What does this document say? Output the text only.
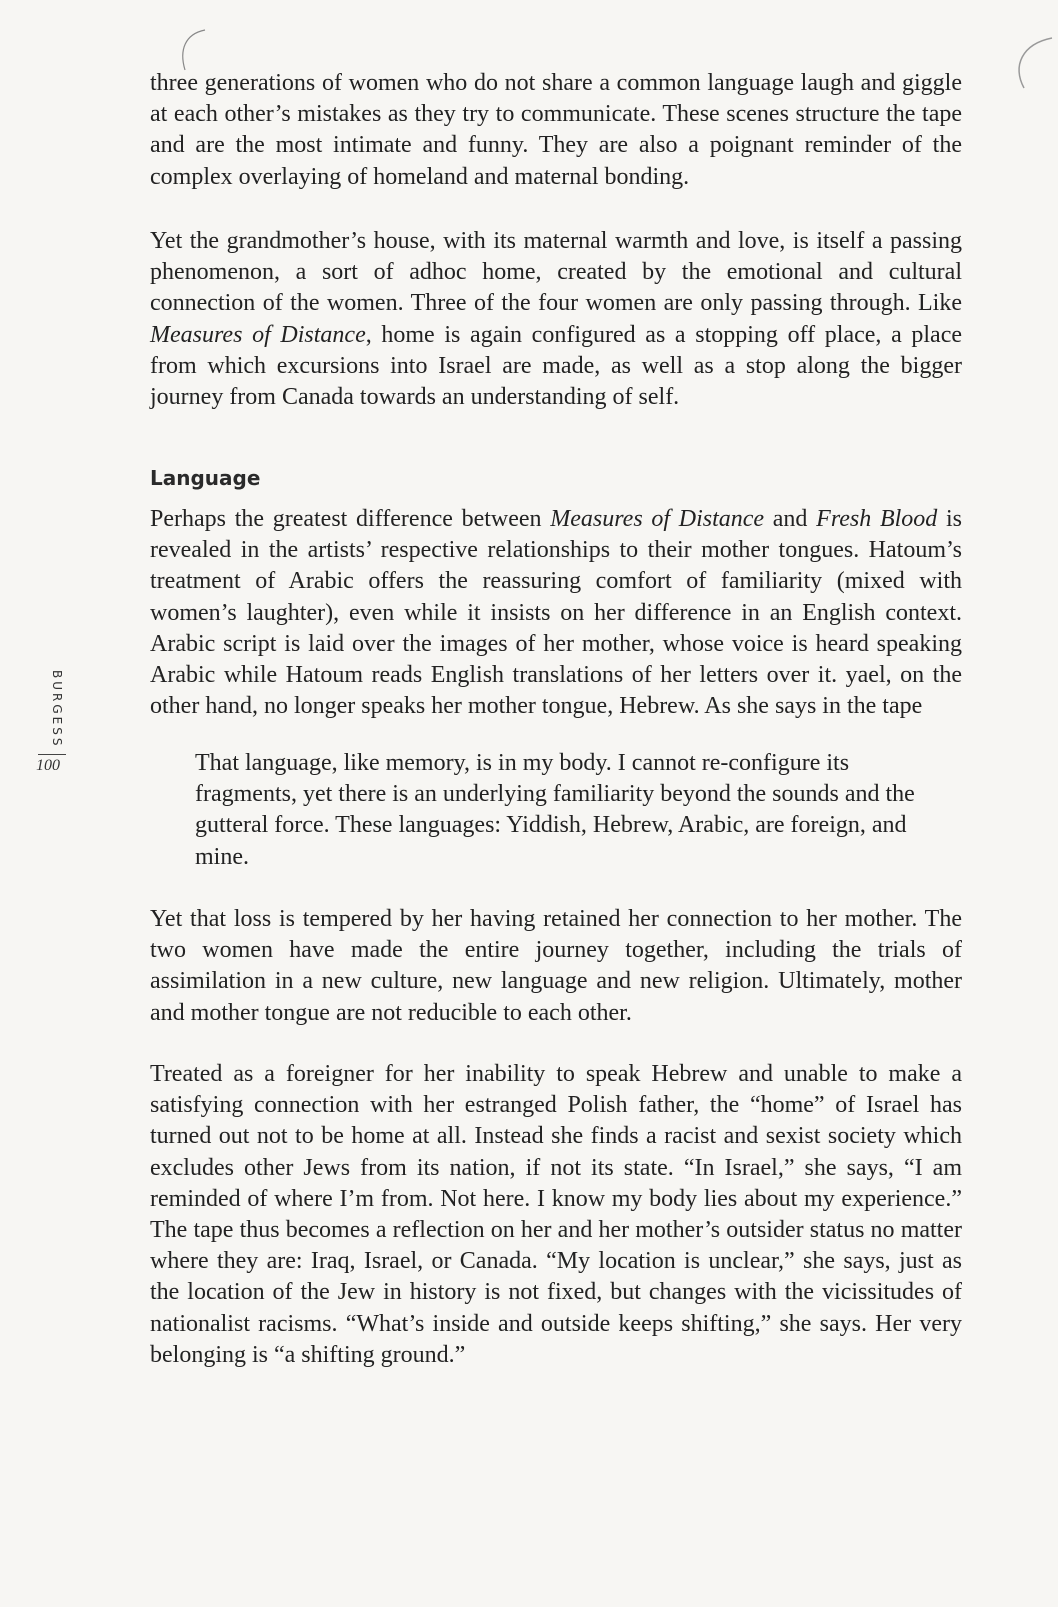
three generations of women who do not share a common language laugh and giggle at each other’s mistakes as they try to communicate. These scenes structure the tape and are the most intimate and funny. They are also a poignant reminder of the complex overlaying of homeland and maternal bonding.

Yet the grandmother’s house, with its maternal warmth and love, is itself a passing phenomenon, a sort of adhoc home, created by the emotional and cultural connection of the women. Three of the four women are only passing through. Like Measures of Distance, home is again configured as a stopping off place, a place from which excursions into Israel are made, as well as a stop along the bigger journey from Canada towards an understanding of self.

Language

Perhaps the greatest difference between Measures of Distance and Fresh Blood is revealed in the artists’ respective relationships to their mother tongues. Hatoum’s treatment of Arabic offers the reassuring comfort of familiarity (mixed with women’s laughter), even while it insists on her difference in an English context. Arabic script is laid over the images of her mother, whose voice is heard speaking Arabic while Hatoum reads English translations of her letters over it. yael, on the other hand, no longer speaks her mother tongue, Hebrew. As she says in the tape

That language, like memory, is in my body. I cannot re-configure its fragments, yet there is an underlying familiarity beyond the sounds and the gutteral force. These languages: Yiddish, Hebrew, Arabic, are foreign, and mine.

Yet that loss is tempered by her having retained her connection to her mother. The two women have made the entire journey together, including the trials of assimilation in a new culture, new language and new religion. Ultimately, mother and mother tongue are not reducible to each other.

Treated as a foreigner for her inability to speak Hebrew and unable to make a satisfying connection with her estranged Polish father, the “home” of Israel has turned out not to be home at all. Instead she finds a racist and sexist society which excludes other Jews from its nation, if not its state. “In Israel,” she says, “I am reminded of where I’m from. Not here. I know my body lies about my experience.” The tape thus becomes a reflection on her and her mother’s outsider status no matter where they are: Iraq, Israel, or Canada. “My location is unclear,” she says, just as the location of the Jew in history is not fixed, but changes with the vicissitudes of nationalist racisms. “What’s inside and outside keeps shifting,” she says. Her very belonging is “a shifting ground.”

BURGESS
100
